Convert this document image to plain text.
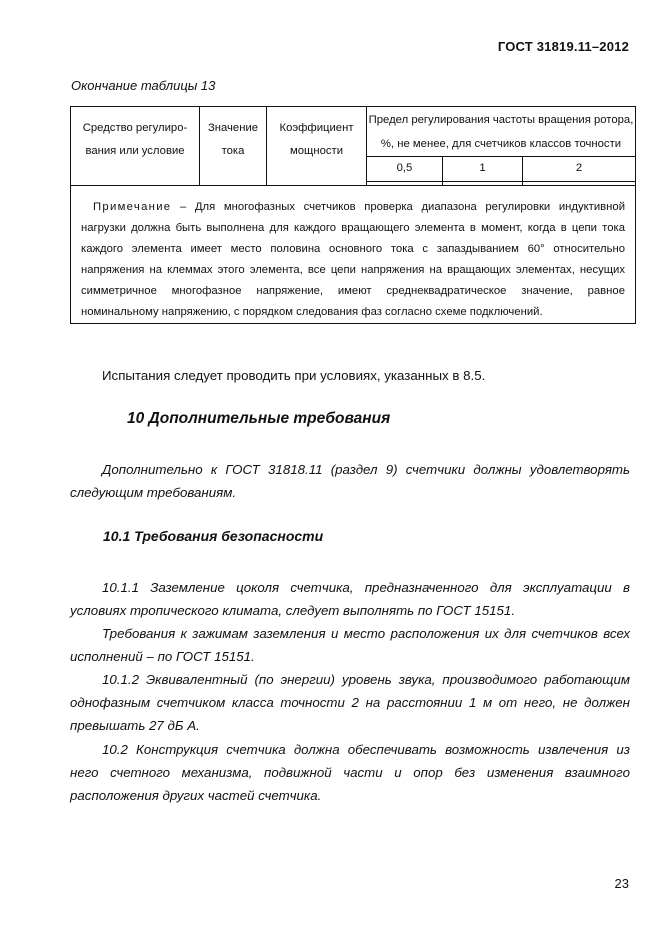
ГОСТ 31819.11–2012
Окончание таблицы 13
Средство регулиро-вания или условие	Значение тока	Коэффициент мощности	Предел регулирования частоты вращения ротора, %, не менее, для счетчиков классов точности		
			0,5	1	2

Примечание – Для многофазных счетчиков проверка диапазона регулировки индуктивной нагрузки должна быть выполнена для каждого вращающего элемента в момент, когда в цепи тока каждого элемента имеет место половина основного тока с запаздыванием 60° относительно напряжения на клеммах этого элемента, все цепи напряжения на вращающих элементах, несущих симметричное многофазное напряжение, имеют среднеквадратическое значение, равное номинальному напряжению, с порядком следования фаз согласно схеме подключений.					

Испытания следует проводить при условиях, указанных в 8.5.

10 Дополнительные требования

Дополнительно к ГОСТ 31818.11 (раздел 9) счетчики должны удовлетворять следующим требованиям.

10.1 Требования безопасности

10.1.1 Заземление цоколя счетчика, предназначенного для эксплуатации в условиях тропического климата, следует выполнять по ГОСТ 15151.

Требования к зажимам заземления и место расположения их для счетчиков всех исполнений – по ГОСТ 15151.

10.1.2 Эквивалентный (по энергии) уровень звука, производимого работающим однофазным счетчиком класса точности 2 на расстоянии 1 м от него, не должен превышать 27 дБ А.

10.2 Конструкция счетчика должна обеспечивать возможность извлечения из него счетного механизма, подвижной части и опор без изменения взаимного расположения других частей счетчика.

23
